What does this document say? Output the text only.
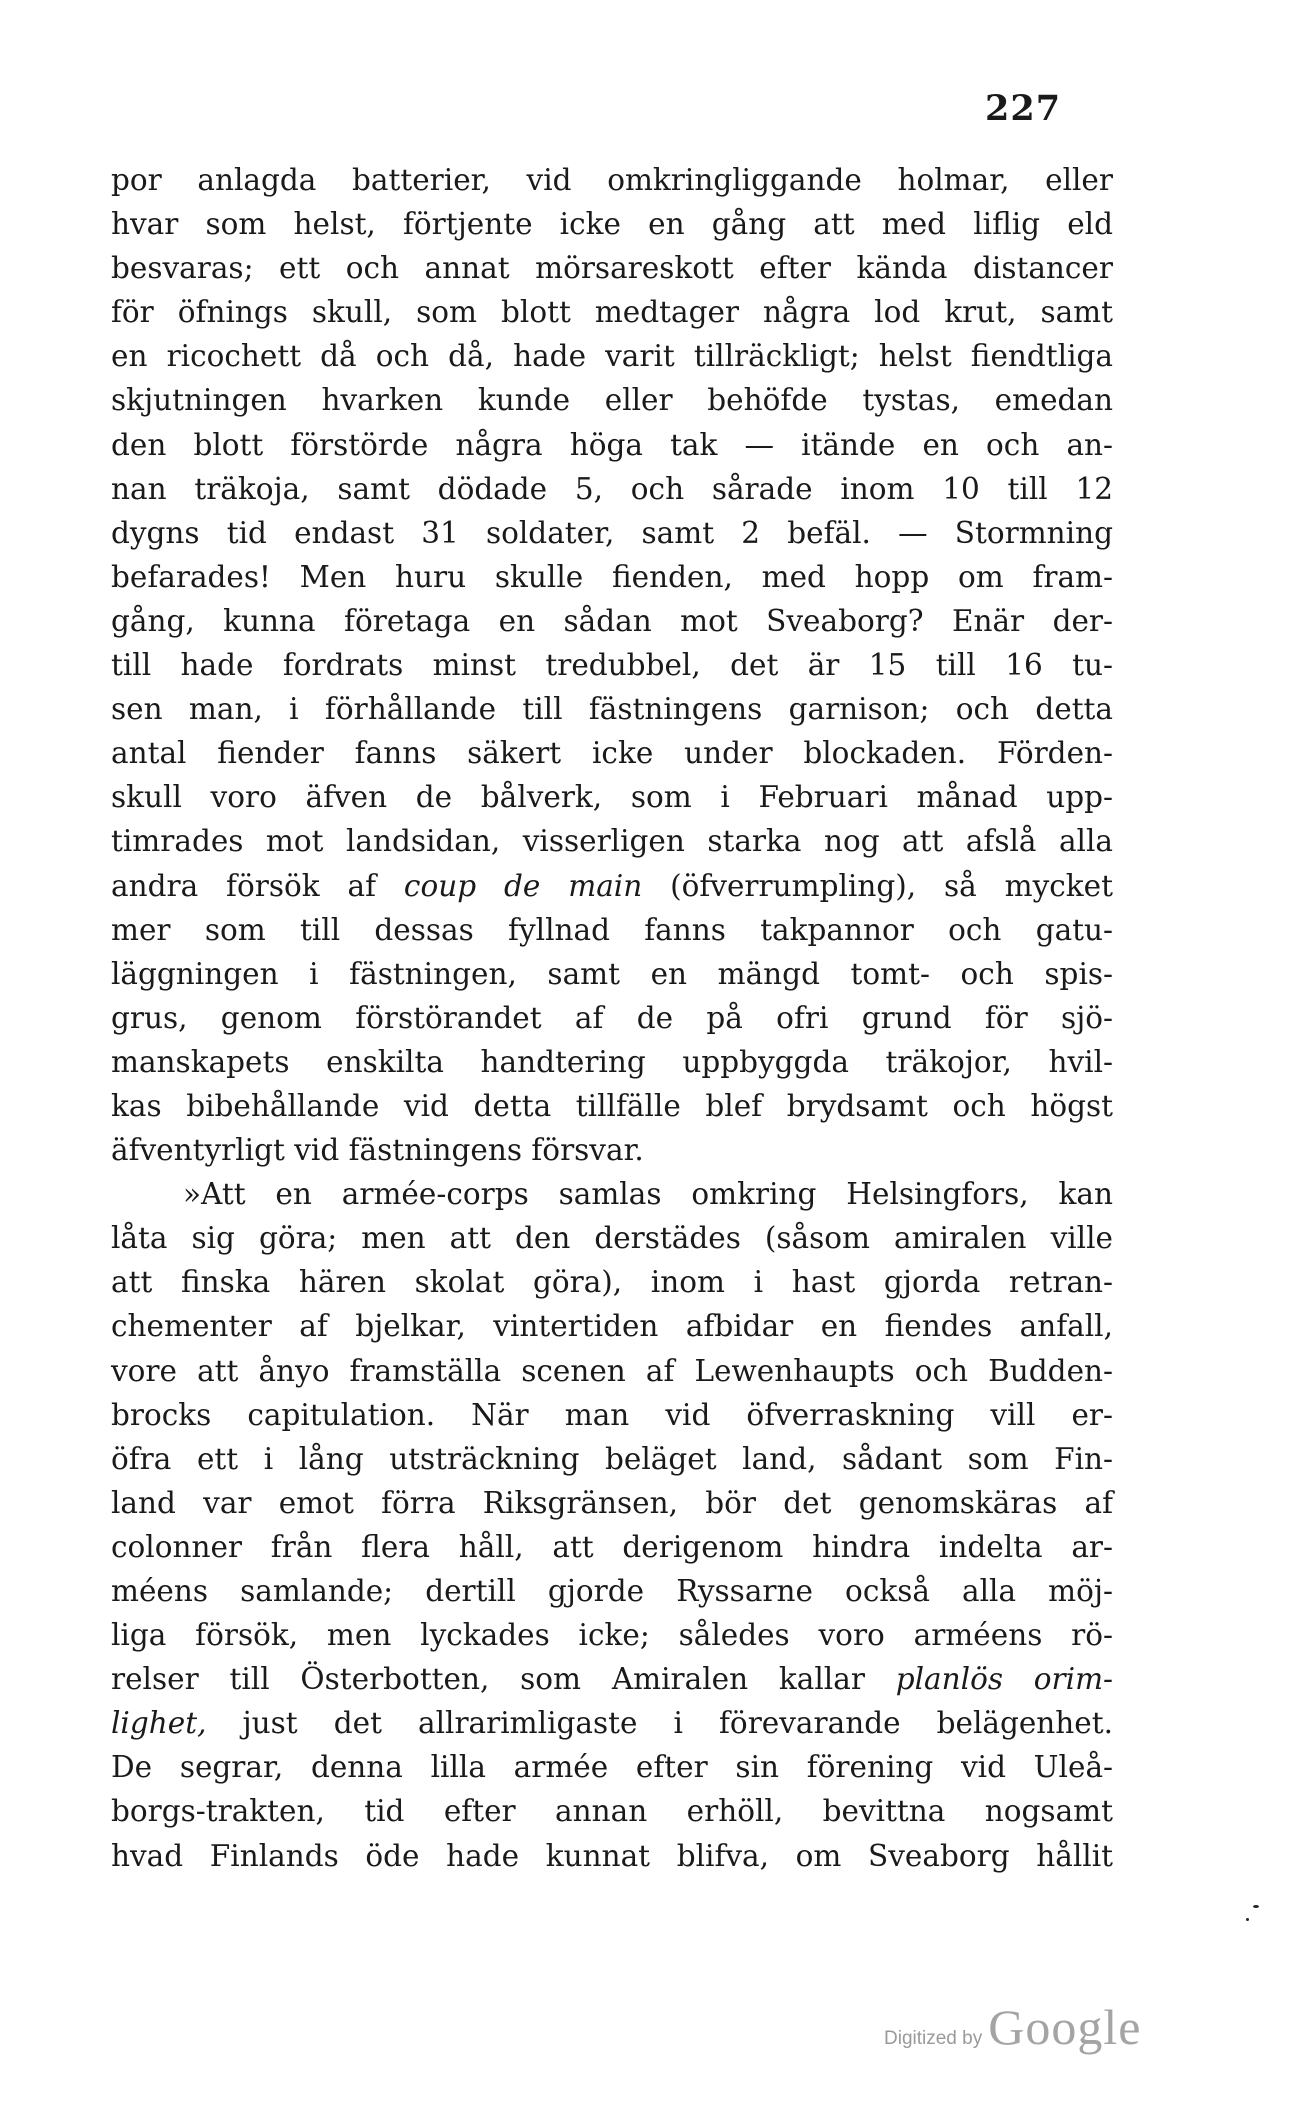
227
por anlagda batterier, vid omkringliggande holmar, eller
hvar som helst, förtjente icke en gång att med liflig eld
besvaras; ett och annat mörsareskott efter kända distancer
för öfnings skull, som blott medtager några lod krut, samt
en ricochett då och då, hade varit tillräckligt; helst fiendtliga
skjutningen hvarken kunde eller behöfde tystas, emedan
den blott förstörde några höga tak — itände en och an-
nan träkoja, samt dödade 5, och sårade inom 10 till 12
dygns tid endast 31 soldater, samt 2 befäl. — Stormning
befarades! Men huru skulle fienden, med hopp om fram-
gång, kunna företaga en sådan mot Sveaborg? Enär der-
till hade fordrats minst tredubbel, det är 15 till 16 tu-
sen man, i förhållande till fästningens garnison; och detta
antal fiender fanns säkert icke under blockaden. Förden-
skull voro äfven de bålverk, som i Februari månad upp-
timrades mot landsidan, visserligen starka nog att afslå alla
andra försök af coup de main (öfverrumpling), så mycket
mer som till dessas fyllnad fanns takpannor och gatu-
läggningen i fästningen, samt en mängd tomt- och spis-
grus, genom förstörandet af de på ofri grund för sjö-
manskapets enskilta handtering uppbyggda träkojor, hvil-
kas bibehållande vid detta tillfälle blef brydsamt och högst
äfventyrligt vid fästningens försvar.
»Att en armée-corps samlas omkring Helsingfors, kan
låta sig göra; men att den derstädes (såsom amiralen ville
att finska hären skolat göra), inom i hast gjorda retran-
chementer af bjelkar, vintertiden afbidar en fiendes anfall,
vore att ånyo framställa scenen af Lewenhaupts och Budden-
brocks capitulation. När man vid öfverraskning vill er-
öfra ett i lång utsträckning beläget land, sådant som Fin-
land var emot förra Riksgränsen, bör det genomskäras af
colonner från flera håll, att derigenom hindra indelta ar-
méens samlande; dertill gjorde Ryssarne också alla möj-
liga försök, men lyckades icke; således voro arméens rö-
relser till Österbotten, som Amiralen kallar planlös orim-
lighet, just det allrarimligaste i förevarande belägenhet.
De segrar, denna lilla armée efter sin förening vid Uleå-
borgs-trakten, tid efter annan erhöll, bevittna nogsamt
hvad Finlands öde hade kunnat blifva, om Sveaborg hållit
Digitized by Google
